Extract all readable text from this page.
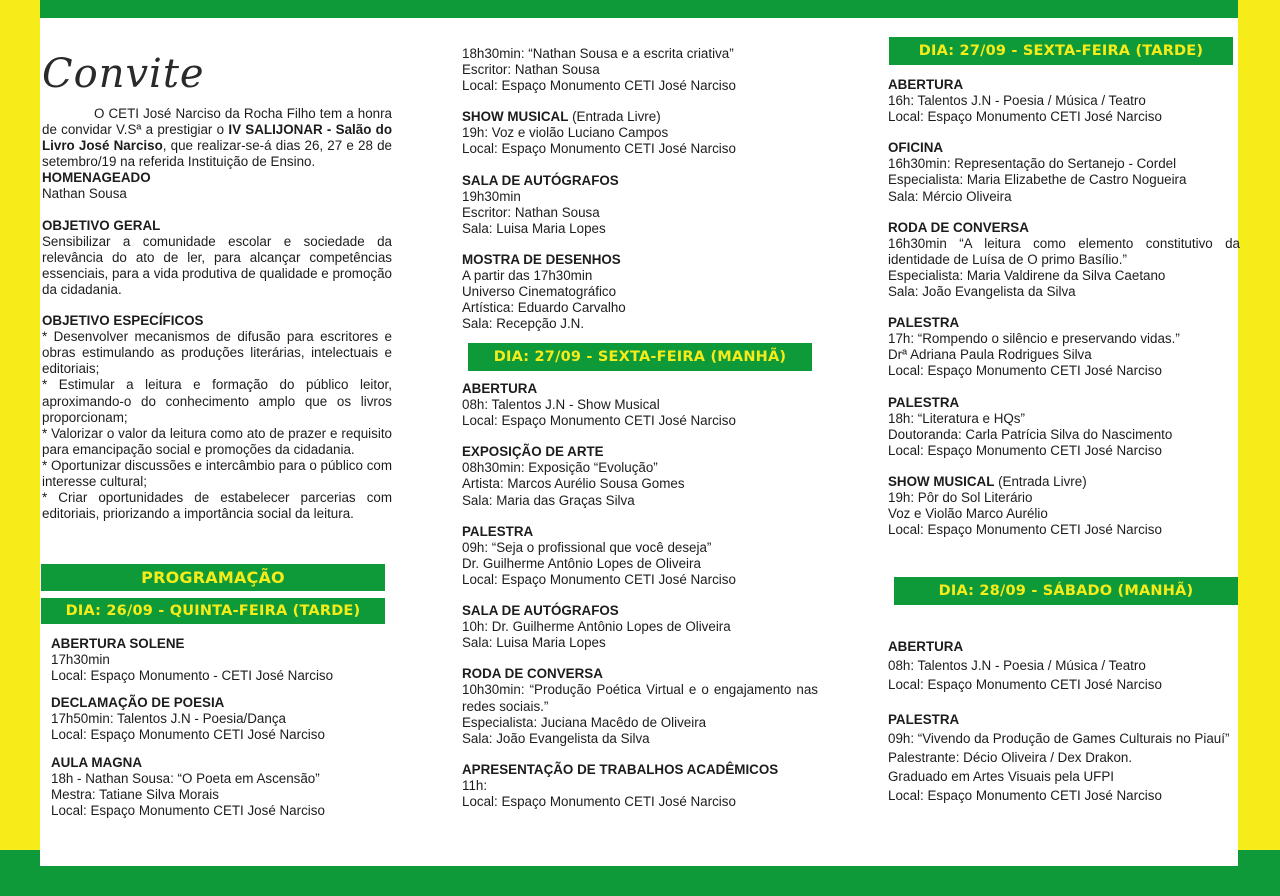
Convite

O CETI José Narciso da Rocha Filho tem a honra de convidar V.Sª a prestigiar o IV SALIJONAR - Salão do Livro José Narciso, que realizar-se-á dias 26, 27 e 28 de setembro/19 na referida Instituição de Ensino.

HOMENAGEADO

Nathan Sousa

OBJETIVO GERAL

Sensibilizar a comunidade escolar e sociedade da relevância do ato de ler, para alcançar competências essenciais, para a vida produtiva de qualidade e promoção da cidadania.

OBJETIVO ESPECÍFICOS

* Desenvolver mecanismos de difusão para escritores e obras estimulando as produções literárias, intelectuais e editoriais;

* Estimular a leitura e formação do público leitor, aproximando-o do conhecimento amplo que os livros proporcionam;

* Valorizar o valor da leitura como ato de prazer e requisito para emancipação social e promoções da cidadania.

* Oportunizar discussões e intercâmbio para o público com interesse cultural;

* Criar oportunidades de estabelecer parcerias com editoriais, priorizando a importância social da leitura.

PROGRAMAÇÃO
DIA: 26/09 - QUINTA-FEIRA (TARDE)

ABERTURA SOLENE

17h30min

Local: Espaço Monumento - CETI José Narciso

DECLAMAÇÃO DE POESIA

17h50min: Talentos J.N - Poesia/Dança

Local: Espaço Monumento CETI José Narciso

AULA MAGNA

18h - Nathan Sousa: “O Poeta em Ascensão”

Mestra: Tatiane Silva Morais

Local: Espaço Monumento CETI José Narciso

18h30min: “Nathan Sousa e a escrita criativa”

Escritor: Nathan Sousa

Local: Espaço Monumento CETI José Narciso

SHOW MUSICAL (Entrada Livre)

19h: Voz e violão Luciano Campos

Local: Espaço Monumento CETI José Narciso

SALA DE AUTÓGRAFOS

19h30min

Escritor: Nathan Sousa

Sala: Luisa Maria Lopes

MOSTRA DE DESENHOS

A partir das 17h30min

Universo Cinematográfico

Artística: Eduardo Carvalho

Sala: Recepção J.N.

DIA: 27/09 - SEXTA-FEIRA (MANHÃ)

ABERTURA

08h: Talentos J.N - Show Musical

Local: Espaço Monumento CETI José Narciso

EXPOSIÇÃO DE ARTE

08h30min: Exposição “Evolução”

Artista: Marcos Aurélio Sousa Gomes

Sala: Maria das Graças Silva

PALESTRA

09h: “Seja o profissional que você deseja”

Dr. Guilherme Antônio Lopes de Oliveira

Local: Espaço Monumento CETI José Narciso

SALA DE AUTÓGRAFOS

10h: Dr. Guilherme Antônio Lopes de Oliveira

Sala: Luisa Maria Lopes

RODA DE CONVERSA

10h30min: “Produção Poética Virtual e o engajamento nas redes sociais.”

Especialista: Juciana Macêdo de Oliveira

Sala: João Evangelista da Silva

APRESENTAÇÃO DE TRABALHOS ACADÊMICOS

11h:

Local: Espaço Monumento CETI José Narciso

DIA: 27/09 - SEXTA-FEIRA (TARDE)

ABERTURA

16h: Talentos J.N - Poesia / Música / Teatro

Local: Espaço Monumento CETI José Narciso

OFICINA

16h30min: Representação do Sertanejo - Cordel

Especialista: Maria Elizabethe de Castro Nogueira

Sala: Mércio Oliveira

RODA DE CONVERSA

16h30min “A leitura como elemento constitutivo da identidade de Luísa de O primo Basílio.”

Especialista: Maria Valdirene da Silva Caetano

Sala: João Evangelista da Silva

PALESTRA

17h: “Rompendo o silêncio e preservando vidas.”

Drª Adriana Paula Rodrigues Silva

Local: Espaço Monumento CETI José Narciso

PALESTRA

18h: “Literatura e HQs”

Doutoranda: Carla Patrícia Silva do Nascimento

Local: Espaço Monumento CETI José Narciso

SHOW MUSICAL (Entrada Livre)

19h: Pôr do Sol Literário

Voz e Violão Marco Aurélio

Local: Espaço Monumento CETI José Narciso

DIA: 28/09 - SÁBADO (MANHÃ)

ABERTURA

08h: Talentos J.N - Poesia / Música / Teatro

Local: Espaço Monumento CETI José Narciso

PALESTRA

09h: “Vivendo da Produção de Games Culturais no Piauí”

Palestrante: Décio Oliveira / Dex Drakon.

Graduado em Artes Visuais pela UFPI

Local: Espaço Monumento CETI José Narciso
